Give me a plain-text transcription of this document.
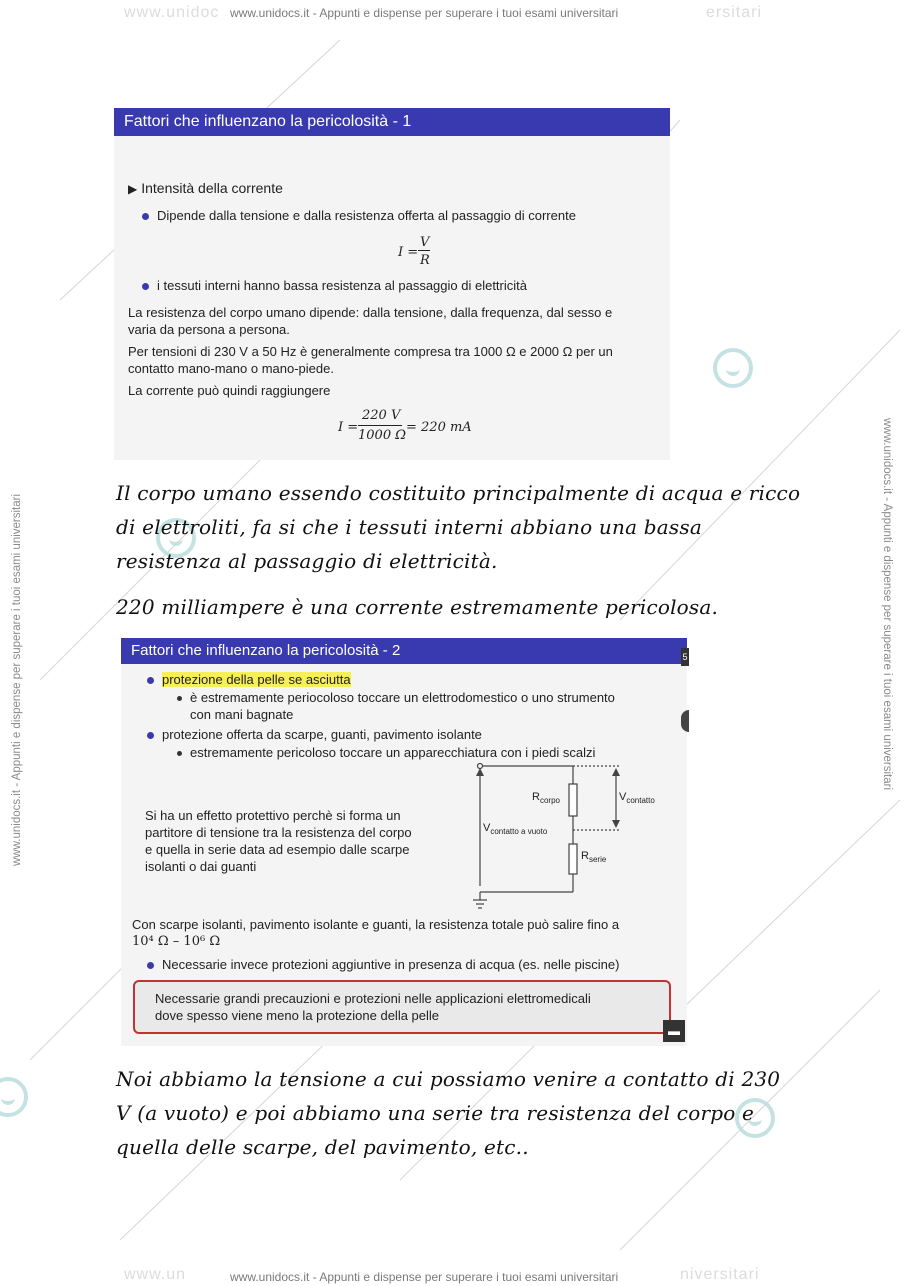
www.unidoc www.unidocs.it - Appunti e dispense per superare i tuoi esami universitari	ersitari
www.un	www.unidocs.it - Appunti e dispense per superare i tuoi esami universitari	niversitari
www.unidocs.it - Appunti e dispense per superare i tuoi esami universitari	www.unidocs.it - Appunti e dispense per superare i tuoi esami universitari
Fattori che influenzano la pericolosità - 1
▶ Intensità della corrente
Dipende dalla tensione e dalla resistenza offerta al passaggio di corrente
I =
V
R
i tessuti interni hanno bassa resistenza al passaggio di elettricità
La resistenza del corpo umano dipende: dalla tensione, dalla frequenza, dal sesso e
varia da persona a persona.
Per tensioni di 230 V a 50 Hz è generalmente compresa tra 1000 Ω e 2000 Ω per un
contatto mano-mano o mano-piede.
La corrente può quindi raggiungere
I =
220 V
1000 Ω
= 220 mA
Il corpo umano essendo costituito principalmente di acqua e ricco
di elettroliti, fa si che i tessuti interni abbiano una bassa
resistenza al passaggio di elettricità.
220 milliampere è una corrente estremamente pericolosa.
Fattori che influenzano la pericolosità - 2
protezione della pelle se asciutta
è estremamente periocoloso toccare un elettrodomestico o uno strumento
con mani bagnate
protezione offerta da scarpe, guanti, pavimento isolante
estremamente pericoloso toccare un apparecchiatura con i piedi scalzi
Si ha un effetto protettivo perchè si forma un
partitore di tensione tra la resistenza del corpo
e quella in serie data ad esempio dalle scarpe
isolanti o dai guanti
$R_{corpo}$	$V_{contatto}$
$V_{contatto a vuoto}$
$R_{serie}$
Con scarpe isolanti, pavimento isolante e guanti, la resistenza totale può salire fino a
10⁴ Ω – 10⁶ Ω
Necessarie invece protezioni aggiuntive in presenza di acqua (es. nelle piscine)
Necessarie grandi precauzioni e protezioni nelle applicazioni elettromedicali
dove spesso viene meno la protezione della pelle
▬
5
Noi abbiamo la tensione a cui possiamo venire a contatto di 230
V (a vuoto) e poi abbiamo una serie tra resistenza del corpo e
quella delle scarpe, del pavimento, etc..
